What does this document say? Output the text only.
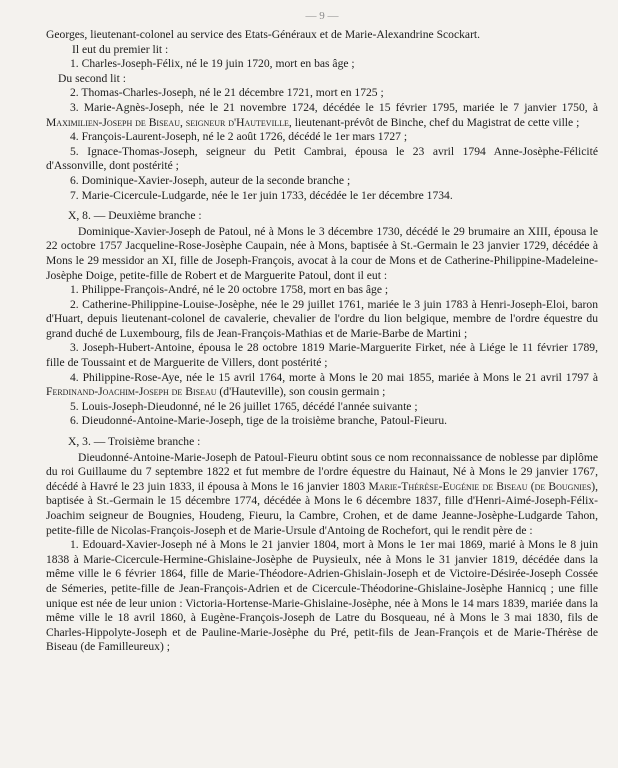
— 9 —

Georges, lieutenant-colonel au service des Etats-Généraux et de Marie-Alexandrine Scockart.

Il eut du premier lit :

1. Charles-Joseph-Félix, né le 19 juin 1720, mort en bas âge ;

Du second lit :

2. Thomas-Charles-Joseph, né le 21 décembre 1721, mort en 1725 ;

3. Marie-Agnès-Joseph, née le 21 novembre 1724, décédée le 15 février 1795, mariée le 7 janvier 1750, à Maximilien-Joseph de Biseau, seigneur d'Hauteville, lieutenant-prévôt de Binche, chef du Magistrat de cette ville ;

4. François-Laurent-Joseph, né le 2 août 1726, décédé le 1er mars 1727 ;

5. Ignace-Thomas-Joseph, seigneur du Petit Cambrai, épousa le 23 avril 1794 Anne-Josèphe-Félicité d'Assonville, dont postérité ;

6. Dominique-Xavier-Joseph, auteur de la seconde branche ;

7. Marie-Cicercule-Ludgarde, née le 1er juin 1733, décédée le 1er décembre 1734.

X, 8. — Deuxième branche :

Dominique-Xavier-Joseph de Patoul, né à Mons le 3 décembre 1730, décédé le 29 brumaire an XIII, épousa le 22 octobre 1757 Jacqueline-Rose-Josèphe Caupain, née à Mons, baptisée à St.-Germain le 23 janvier 1729, décédée à Mons le 29 messidor an XI, fille de Joseph-François, avocat à la cour de Mons et de Catherine-Philippine-Madeleine-Josèphe Doige, petite-fille de Robert et de Marguerite Patoul, dont il eut :

1. Philippe-François-André, né le 20 octobre 1758, mort en bas âge ;

2. Catherine-Philippine-Louise-Josèphe, née le 29 juillet 1761, mariée le 3 juin 1783 à Henri-Joseph-Eloi, baron d'Huart, depuis lieutenant-colonel de cavalerie, chevalier de l'ordre du lion belgique, membre de l'ordre équestre du grand duché de Luxembourg, fils de Jean-François-Mathias et de Marie-Barbe de Martini ;

3. Joseph-Hubert-Antoine, épousa le 28 octobre 1819 Marie-Marguerite Firket, née à Liége le 11 février 1789, fille de Toussaint et de Marguerite de Villers, dont postérité ;

4. Philippine-Rose-Aye, née le 15 avril 1764, morte à Mons le 20 mai 1855, mariée à Mons le 21 avril 1797 à Ferdinand-Joachim-Joseph de Biseau (d'Hauteville), son cousin germain ;

5. Louis-Joseph-Dieudonné, né le 26 juillet 1765, décédé l'année suivante ;

6. Dieudonné-Antoine-Marie-Joseph, tige de la troisième branche, Patoul-Fieuru.

X, 3. — Troisième branche :

Dieudonné-Antoine-Marie-Joseph de Patoul-Fieuru obtint sous ce nom reconnaissance de noblesse par diplôme du roi Guillaume du 7 septembre 1822 et fut membre de l'ordre équestre du Hainaut, Né à Mons le 29 janvier 1767, décédé à Havré le 23 juin 1833, il épousa à Mons le 16 janvier 1803 Marie-Thérèse-Eugénie de Biseau (de Bougnies), baptisée à St.-Germain le 15 décembre 1774, décédée à Mons le 6 décembre 1837, fille d'Henri-Aimé-Joseph-Félix-Joachim seigneur de Bougnies, Houdeng, Fieuru, la Cambre, Crohen, et de dame Jeanne-Josèphe-Ludgarde Tahon, petite-fille de Nicolas-François-Joseph et de Marie-Ursule d'Antoing de Rochefort, qui le rendit père de :

1. Edouard-Xavier-Joseph né à Mons le 21 janvier 1804, mort à Mons le 1er mai 1869, marié à Mons le 8 juin 1838 à Marie-Cicercule-Hermine-Ghislaine-Josèphe de Puysieulx, née à Mons le 31 janvier 1819, décédée dans la même ville le 6 février 1864, fille de Marie-Théodore-Adrien-Ghislain-Joseph et de Victoire-Désirée-Joseph Cossée de Sémeries, petite-fille de Jean-François-Adrien et de Cicercule-Théodorine-Ghislaine-Josèphe Hannicq ; une fille unique est née de leur union : Victoria-Hortense-Marie-Ghislaine-Josèphe, née à Mons le 14 mars 1839, mariée dans la même ville le 18 avril 1860, à Eugène-François-Joseph de Latre du Bosqueau, né à Mons le 3 mai 1830, fils de Charles-Hippolyte-Joseph et de Pauline-Marie-Josèphe du Pré, petit-fils de Jean-François et de Marie-Thérèse de Biseau (de Familleureux) ;
